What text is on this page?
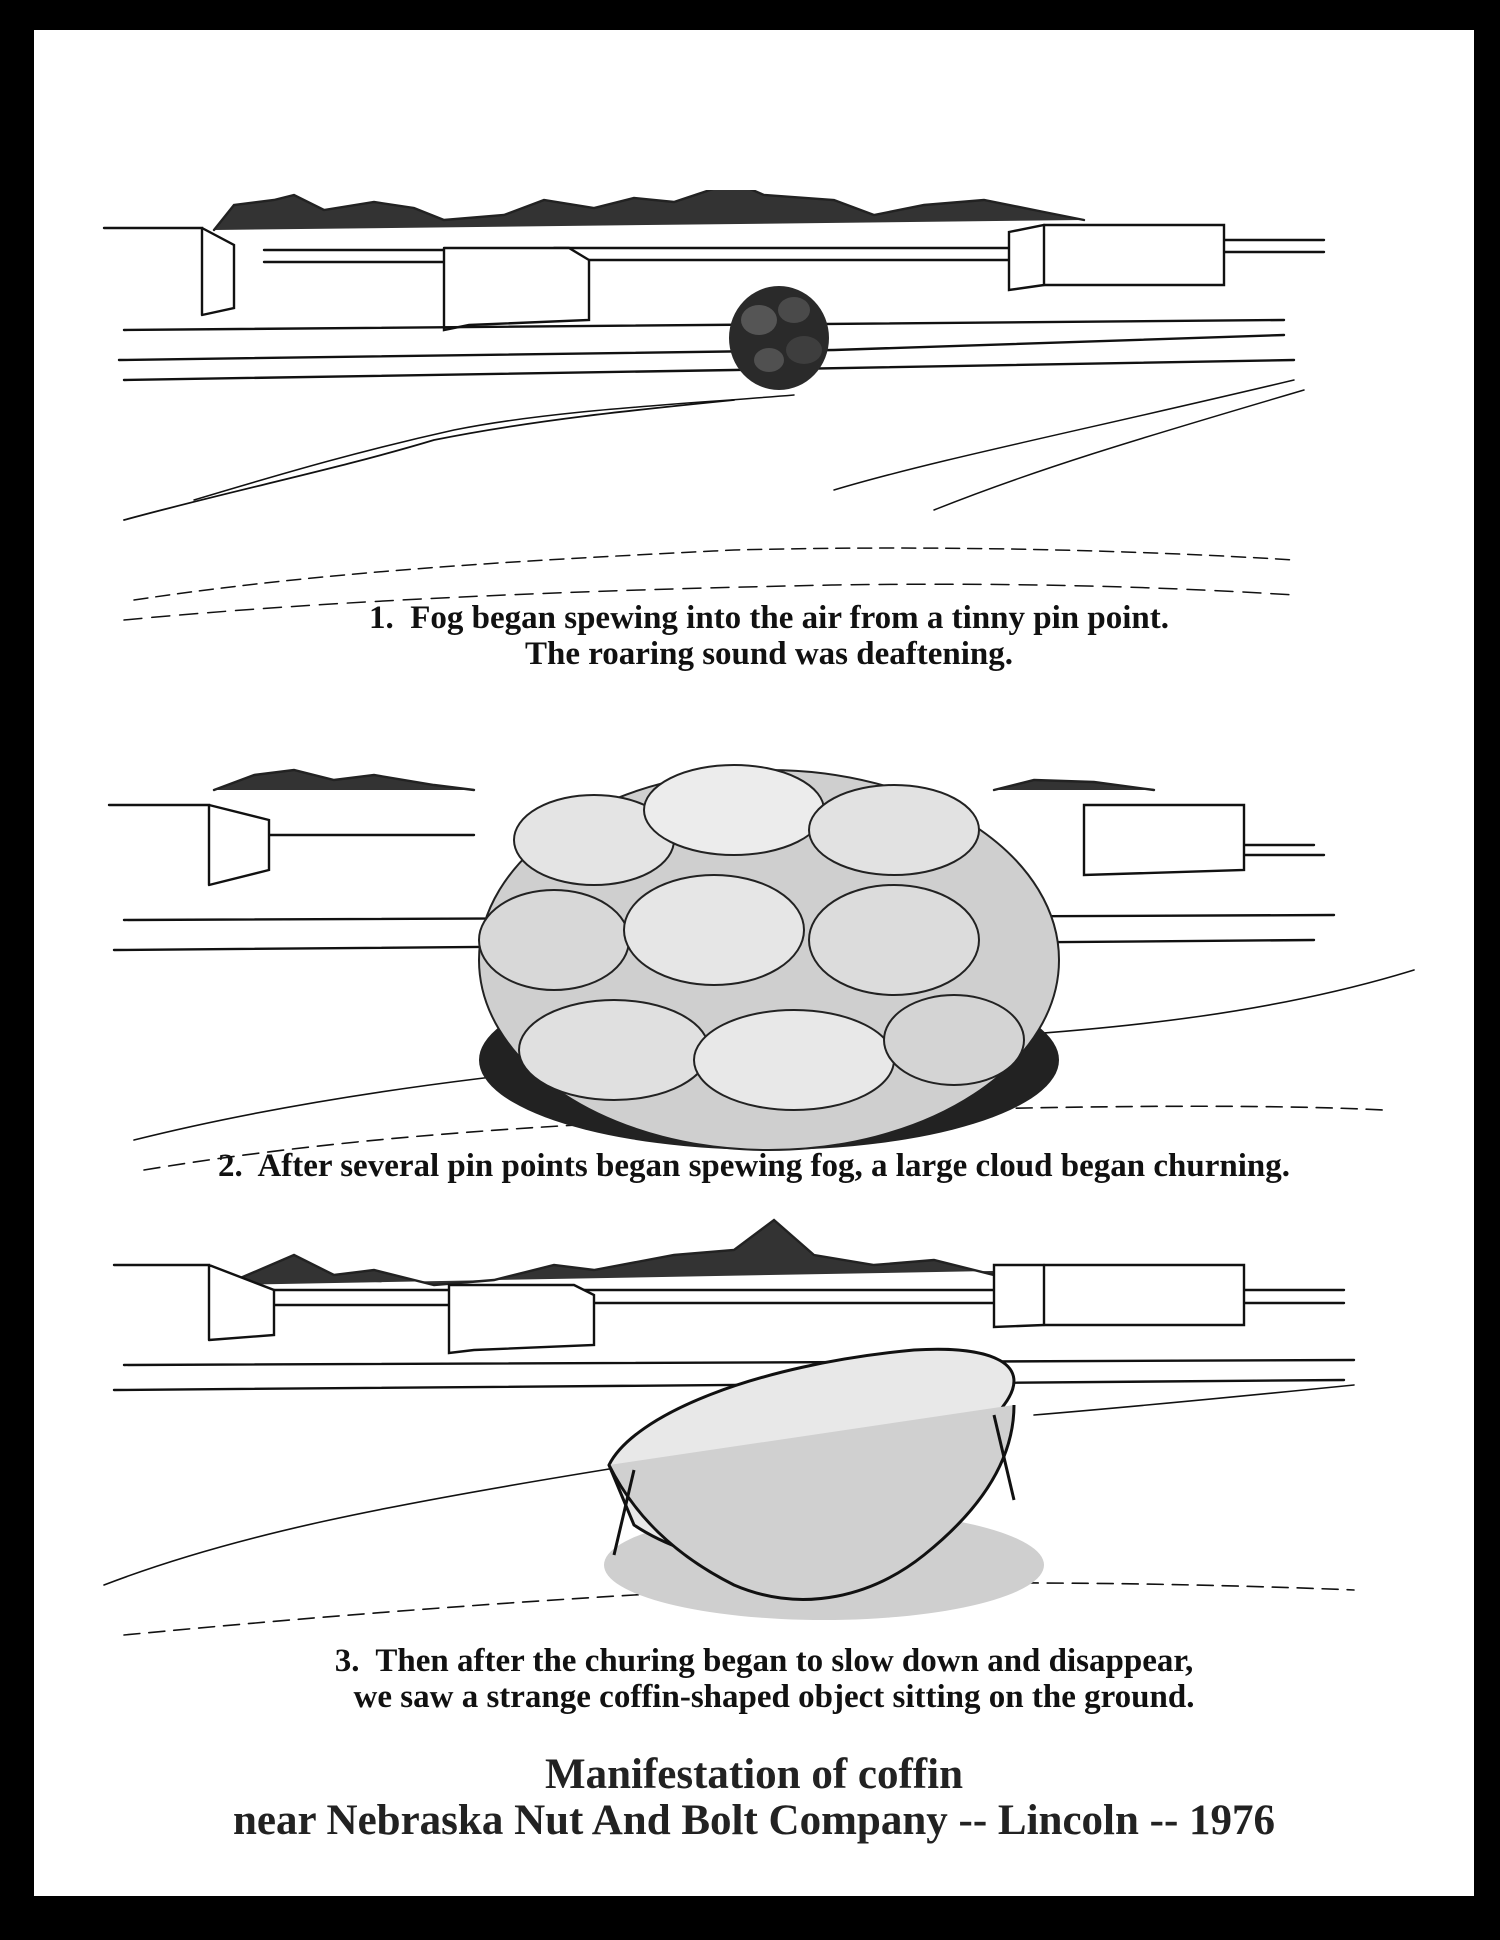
1.  Fog began spewing into the air from a tinny pin point.
The roaring sound was deaftening.
2.  After several pin points began spewing fog, a large cloud began churning.
3.  Then after the churing began to slow down and disappear,
we saw a strange coffin-shaped object sitting on the ground.
Manifestation of coffin
near Nebraska Nut And Bolt Company -- Lincoln -- 1976
